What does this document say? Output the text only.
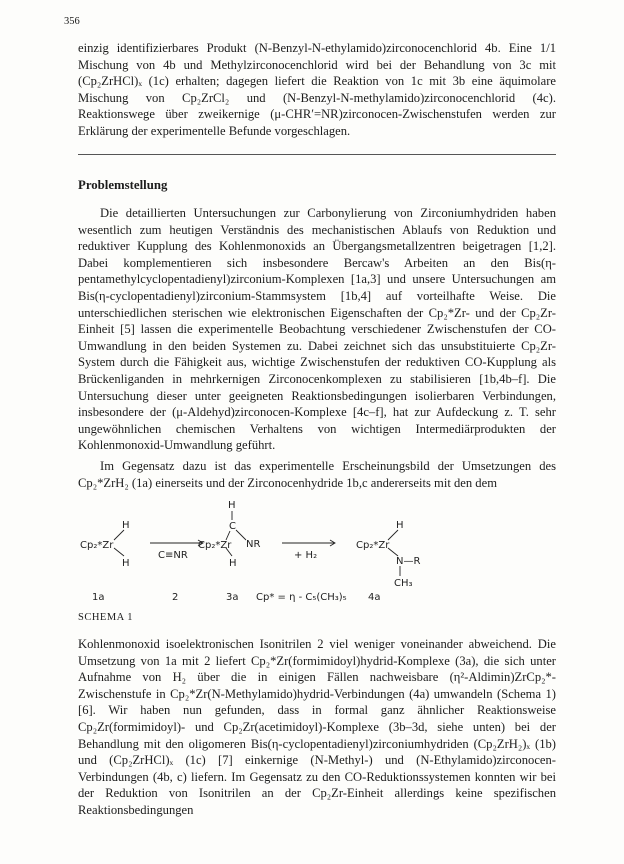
356
einzig identifizierbares Produkt (N-Benzyl-N-ethylamido)zirconocenchlorid 4b. Eine 1/1 Mischung von 4b und Methylzirconocenchlorid wird bei der Behandlung von 3c mit (Cp₂ZrHCl)ₓ (1c) erhalten; dagegen liefert die Reaktion von 1c mit 3b eine äquimolare Mischung von Cp₂ZrCl₂ und (N-Benzyl-N-methylamido)zirconocenchlorid (4c). Reaktionswege über zweikernige (μ-CHR′=NR)zirconocen-Zwischenstufen werden zur Erklärung der experimentelle Befunde vorgeschlagen.
Problemstellung
Die detaillierten Untersuchungen zur Carbonylierung von Zirconiumhydriden haben wesentlich zum heutigen Verständnis des mechanistischen Ablaufs von Reduktion und reduktiver Kupplung des Kohlenmonoxids an Übergangsmetallzentren beigetragen [1,2]. Dabei komplementieren sich insbesondere Bercaw's Arbeiten an den Bis(η-pentamethylcyclopentadienyl)zirconium-Komplexen [1a,3] und unsere Untersuchungen am Bis(η-cyclopentadienyl)zirconium-Stammsystem [1b,4] auf vorteilhafte Weise. Die unterschiedlichen sterischen wie elektronischen Eigenschaften der Cp₂*Zr- und der Cp₂Zr-Einheit [5] lassen die experimentelle Beobachtung verschiedener Zwischenstufen der CO-Umwandlung in den beiden Systemen zu. Dabei zeichnet sich das unsubstituierte Cp₂Zr-System durch die Fähigkeit aus, wichtige Zwischenstufen der reduktiven CO-Kupplung als Brückenliganden in mehrkernigen Zirconocenkomplexen zu stabilisieren [1b,4b–f]. Die Untersuchung dieser unter geeigneten Reaktionsbedingungen isolierbaren Verbindungen, insbesondere der (μ-Aldehyd)zirconocen-Komplexe [4c–f], hat zur Aufdeckung z. T. sehr ungewöhnlichen chemischen Verhaltens von wichtigen Intermediärprodukten der Kohlenmonoxid-Umwandlung geführt.
Im Gegensatz dazu ist das experimentelle Erscheinungsbild der Umsetzungen des Cp₂*ZrH₂ (1a) einerseits und der Zirconocenhydride 1b,c andererseits mit den dem
Cp₂*Zr
H
H
C≡NR
H
C
NR
Cp₂*Zr
H
+ H₂
Cp₂*Zr
H
N—R
CH₃
1a	2	3a Cp* = η - C₅(CH₃)₅ 4a
SCHEMA 1
Kohlenmonoxid isoelektronischen Isonitrilen 2 viel weniger voneinander abweichend. Die Umsetzung von 1a mit 2 liefert Cp₂*Zr(formimidoyl)hydrid-Komplexe (3a), die sich unter Aufnahme von H₂ über die in einigen Fällen nachweisbare (η²-Aldimin)ZrCp₂*-Zwischenstufe in Cp₂*Zr(N-Methylamido)hydrid-Verbindungen (4a) umwandeln (Schema 1) [6]. Wir haben nun gefunden, dass in formal ganz ähnlicher Reaktionsweise Cp₂Zr(formimidoyl)- und Cp₂Zr(acetimidoyl)-Komplexe (3b–3d, siehe unten) bei der Behandlung mit den oligomeren Bis(η-cyclopentadienyl)zirconiumhydriden (Cp₂ZrH₂)ₓ (1b) und (Cp₂ZrHCl)ₓ (1c) [7] einkernige (N-Methyl-) und (N-Ethylamido)zirconocen-Verbindungen (4b, c) liefern. Im Gegensatz zu den CO-Reduktionssystemen konnten wir bei der Reduktion von Isonitrilen an der Cp₂Zr-Einheit allerdings keine spezifischen Reaktionsbedingungen
